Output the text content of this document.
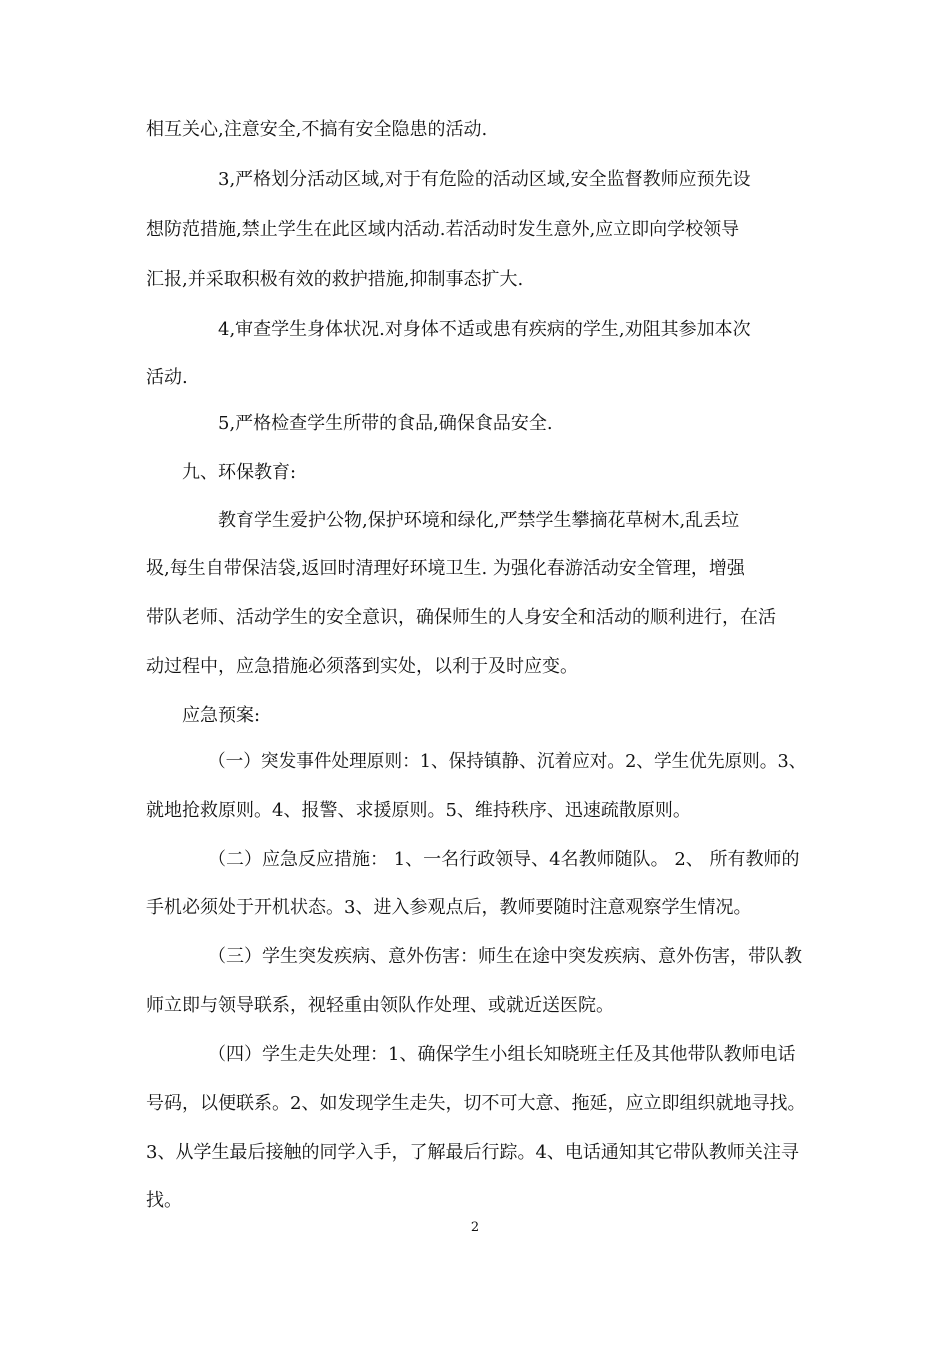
相互关心,注意安全,不搞有安全隐患的活动.
3,严格划分活动区域,对于有危险的活动区域,安全监督教师应预先设
想防范措施,禁止学生在此区域内活动.若活动时发生意外,应立即向学校领导
汇报,并采取积极有效的救护措施,抑制事态扩大.
4,审查学生身体状况.对身体不适或患有疾病的学生,劝阻其参加本次
活动.
5,严格检查学生所带的食品,确保食品安全.
九、环保教育:
教育学生爱护公物,保护环境和绿化,严禁学生攀摘花草树木,乱丢垃
圾,每生自带保洁袋,返回时清理好环境卫生. 为强化春游活动安全管理，增强
带队老师、活动学生的安全意识，确保师生的人身安全和活动的顺利进行，在活
动过程中，应急措施必须落到实处，以利于及时应变。
应急预案:
（一）突发事件处理原则：1、保持镇静、沉着应对。2、学生优先原则。3、
就地抢救原则。4、报警、求援原则。5、维持秩序、迅速疏散原则。
（二）应急反应措施： 1、一名行政领导、4名教师随队。 2、 所有教师的
手机必须处于开机状态。3、进入参观点后，教师要随时注意观察学生情况。
（三）学生突发疾病、意外伤害：师生在途中突发疾病、意外伤害，带队教
师立即与领导联系，视轻重由领队作处理、或就近送医院。
（四）学生走失处理：1、确保学生小组长知晓班主任及其他带队教师电话
号码，以便联系。2、如发现学生走失，切不可大意、拖延，应立即组织就地寻找。
3、从学生最后接触的同学入手，了解最后行踪。4、电话通知其它带队教师关注寻
找。
2
